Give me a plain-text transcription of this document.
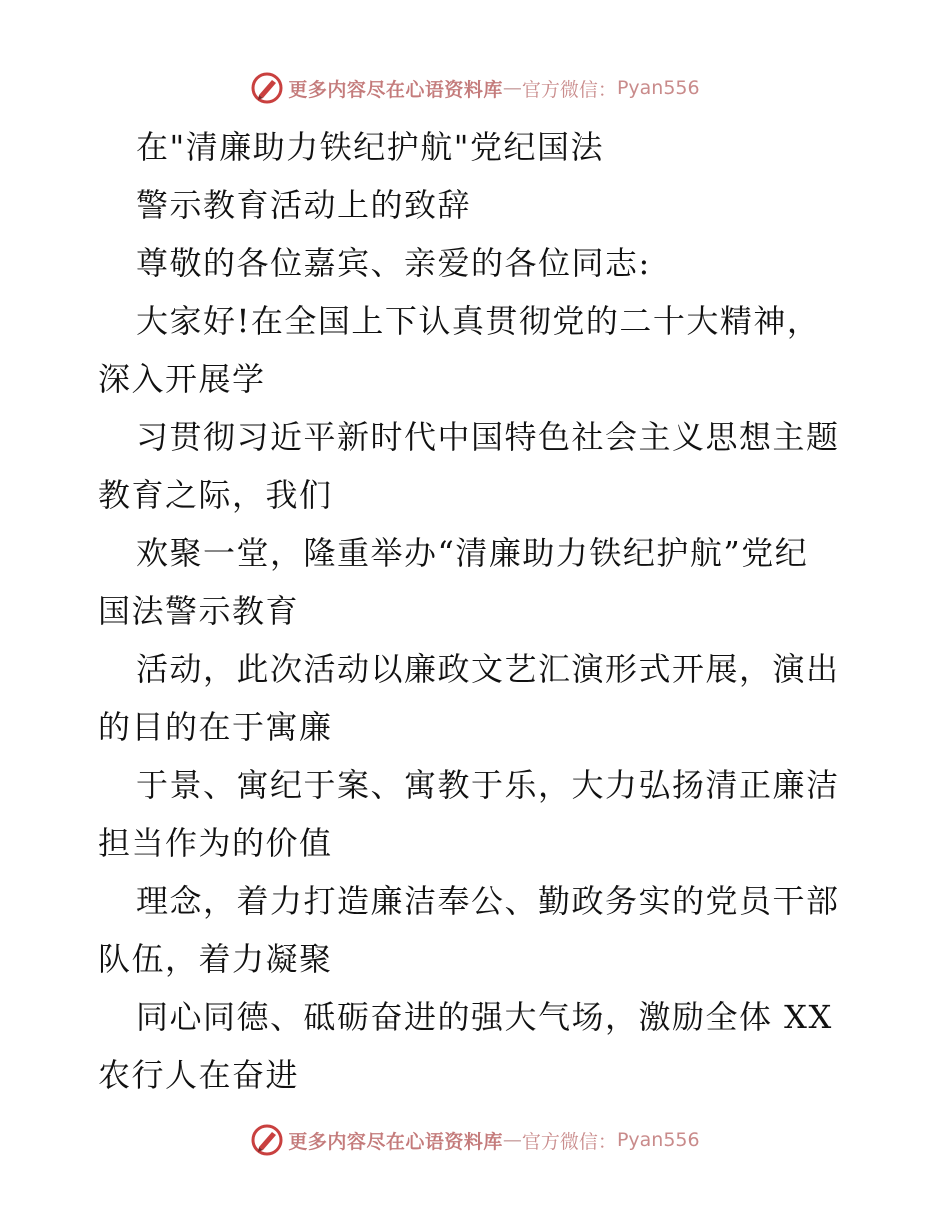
更多内容尽在心语资料库 — 官方微信： Pyan556
在"清廉助力铁纪护航"党纪国法
警示教育活动上的致辞
尊敬的各位嘉宾、亲爱的各位同志:
大家好!在全国上下认真贯彻党的二十大精神，
深入开展学
习贯彻习近平新时代中国特色社会主义思想主题
教育之际，我们
欢聚一堂，隆重举办“清廉助力铁纪护航”党纪
国法警示教育
活动，此次活动以廉政文艺汇演形式开展，演出
的目的在于寓廉
于景、寓纪于案、寓教于乐，大力弘扬清正廉洁
担当作为的价值
理念，着力打造廉洁奉公、勤政务实的党员干部
队伍，着力凝聚
同心同德、砥砺奋进的强大气场，激励全体 XX
农行人在奋进
更多内容尽在心语资料库 — 官方微信： Pyan556
